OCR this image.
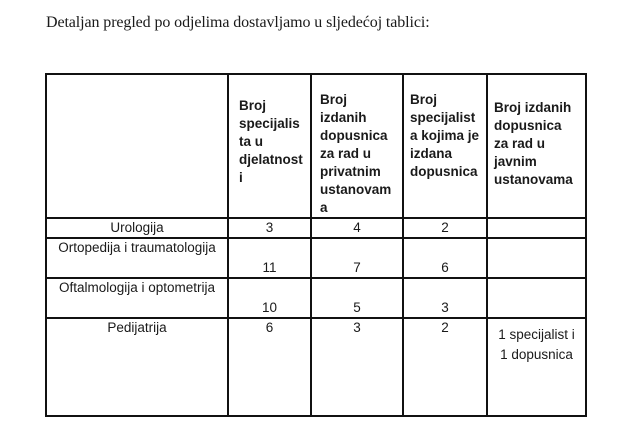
Detaljan pregled po odjelima dostavljamo u sljedećoj tablici:

	Broj specijalista u djelatnosti	Broj izdanih dopusnica za rad u privatnim ustanovama	Broj specijalista kojima je izdana dopusnica	Broj izdanih dopusnica za rad u javnim ustanovama

Urologija	3	4	2	
Ortopedija i traumatologija	11	7	6	

Oftalmologija i optometrija	10	5	3	

Pedijatrija	6	3	2	1 specijalist i 1 dopusnica
